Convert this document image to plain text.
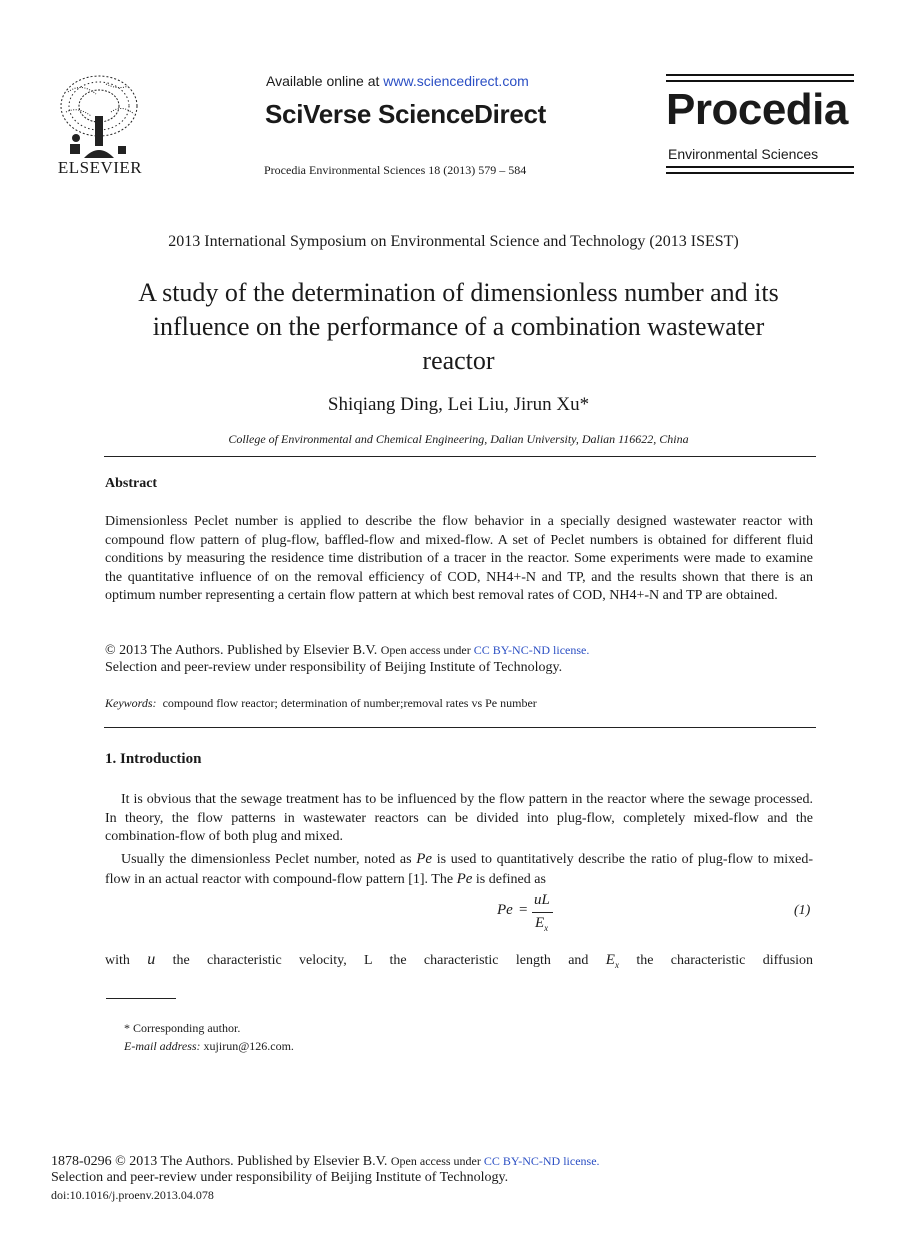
ELSEVIER
Available online at www.sciencedirect.com
SciVerse ScienceDirect
Procedia Environmental Sciences 18 (2013) 579 – 584
Procedia
Environmental Sciences
2013 International Symposium on Environmental Science and Technology (2013 ISEST)
A study of the determination of dimensionless number and its
influence on the performance of a combination wastewater
reactor
Shiqiang Ding, Lei Liu, Jirun Xu*
College of Environmental and Chemical Engineering, Dalian University, Dalian 116622, China
Abstract

Dimensionless Peclet number is applied to describe the flow behavior in a specially designed wastewater reactor with compound flow pattern of plug-flow, baffled-flow and mixed-flow. A set of Peclet numbers is obtained for different fluid conditions by measuring the residence time distribution of a tracer in the reactor. Some experiments were made to examine the quantitative influence of on the removal efficiency of COD, NH4+-N and TP, and the results shown that there is an optimum number representing a certain flow pattern at which best removal rates of COD, NH4+-N and TP are obtained.

© 2013 The Authors. Published by Elsevier B.V. Open access under CC BY-NC-ND license.
Selection and peer-review under responsibility of Beijing Institute of Technology.
Keywords: compound flow reactor; determination of number;removal rates vs Pe number
1. Introduction

It is obvious that the sewage treatment has to be influenced by the flow pattern in the reactor where the sewage processed. In theory, the flow patterns in wastewater reactors can be divided into plug-flow, completely mixed-flow and the combination-flow of both plug and mixed.

Usually the dimensionless Peclet number, noted as Pe is used to quantitatively describe the ratio of plug-flow to mixed-flow in an actual reactor with compound-flow pattern [1]. The Pe is defined as

Pe =
uL
$E_x$
(1)
with u the characteristic velocity, L the characteristic length and $E_x$ the characteristic diffusion
* Corresponding author.
E-mail address: xujirun@126.com.
1878-0296 © 2013 The Authors. Published by Elsevier B.V. Open access under CC BY-NC-ND license.
Selection and peer-review under responsibility of Beijing Institute of Technology.
doi:10.1016/j.proenv.2013.04.078
